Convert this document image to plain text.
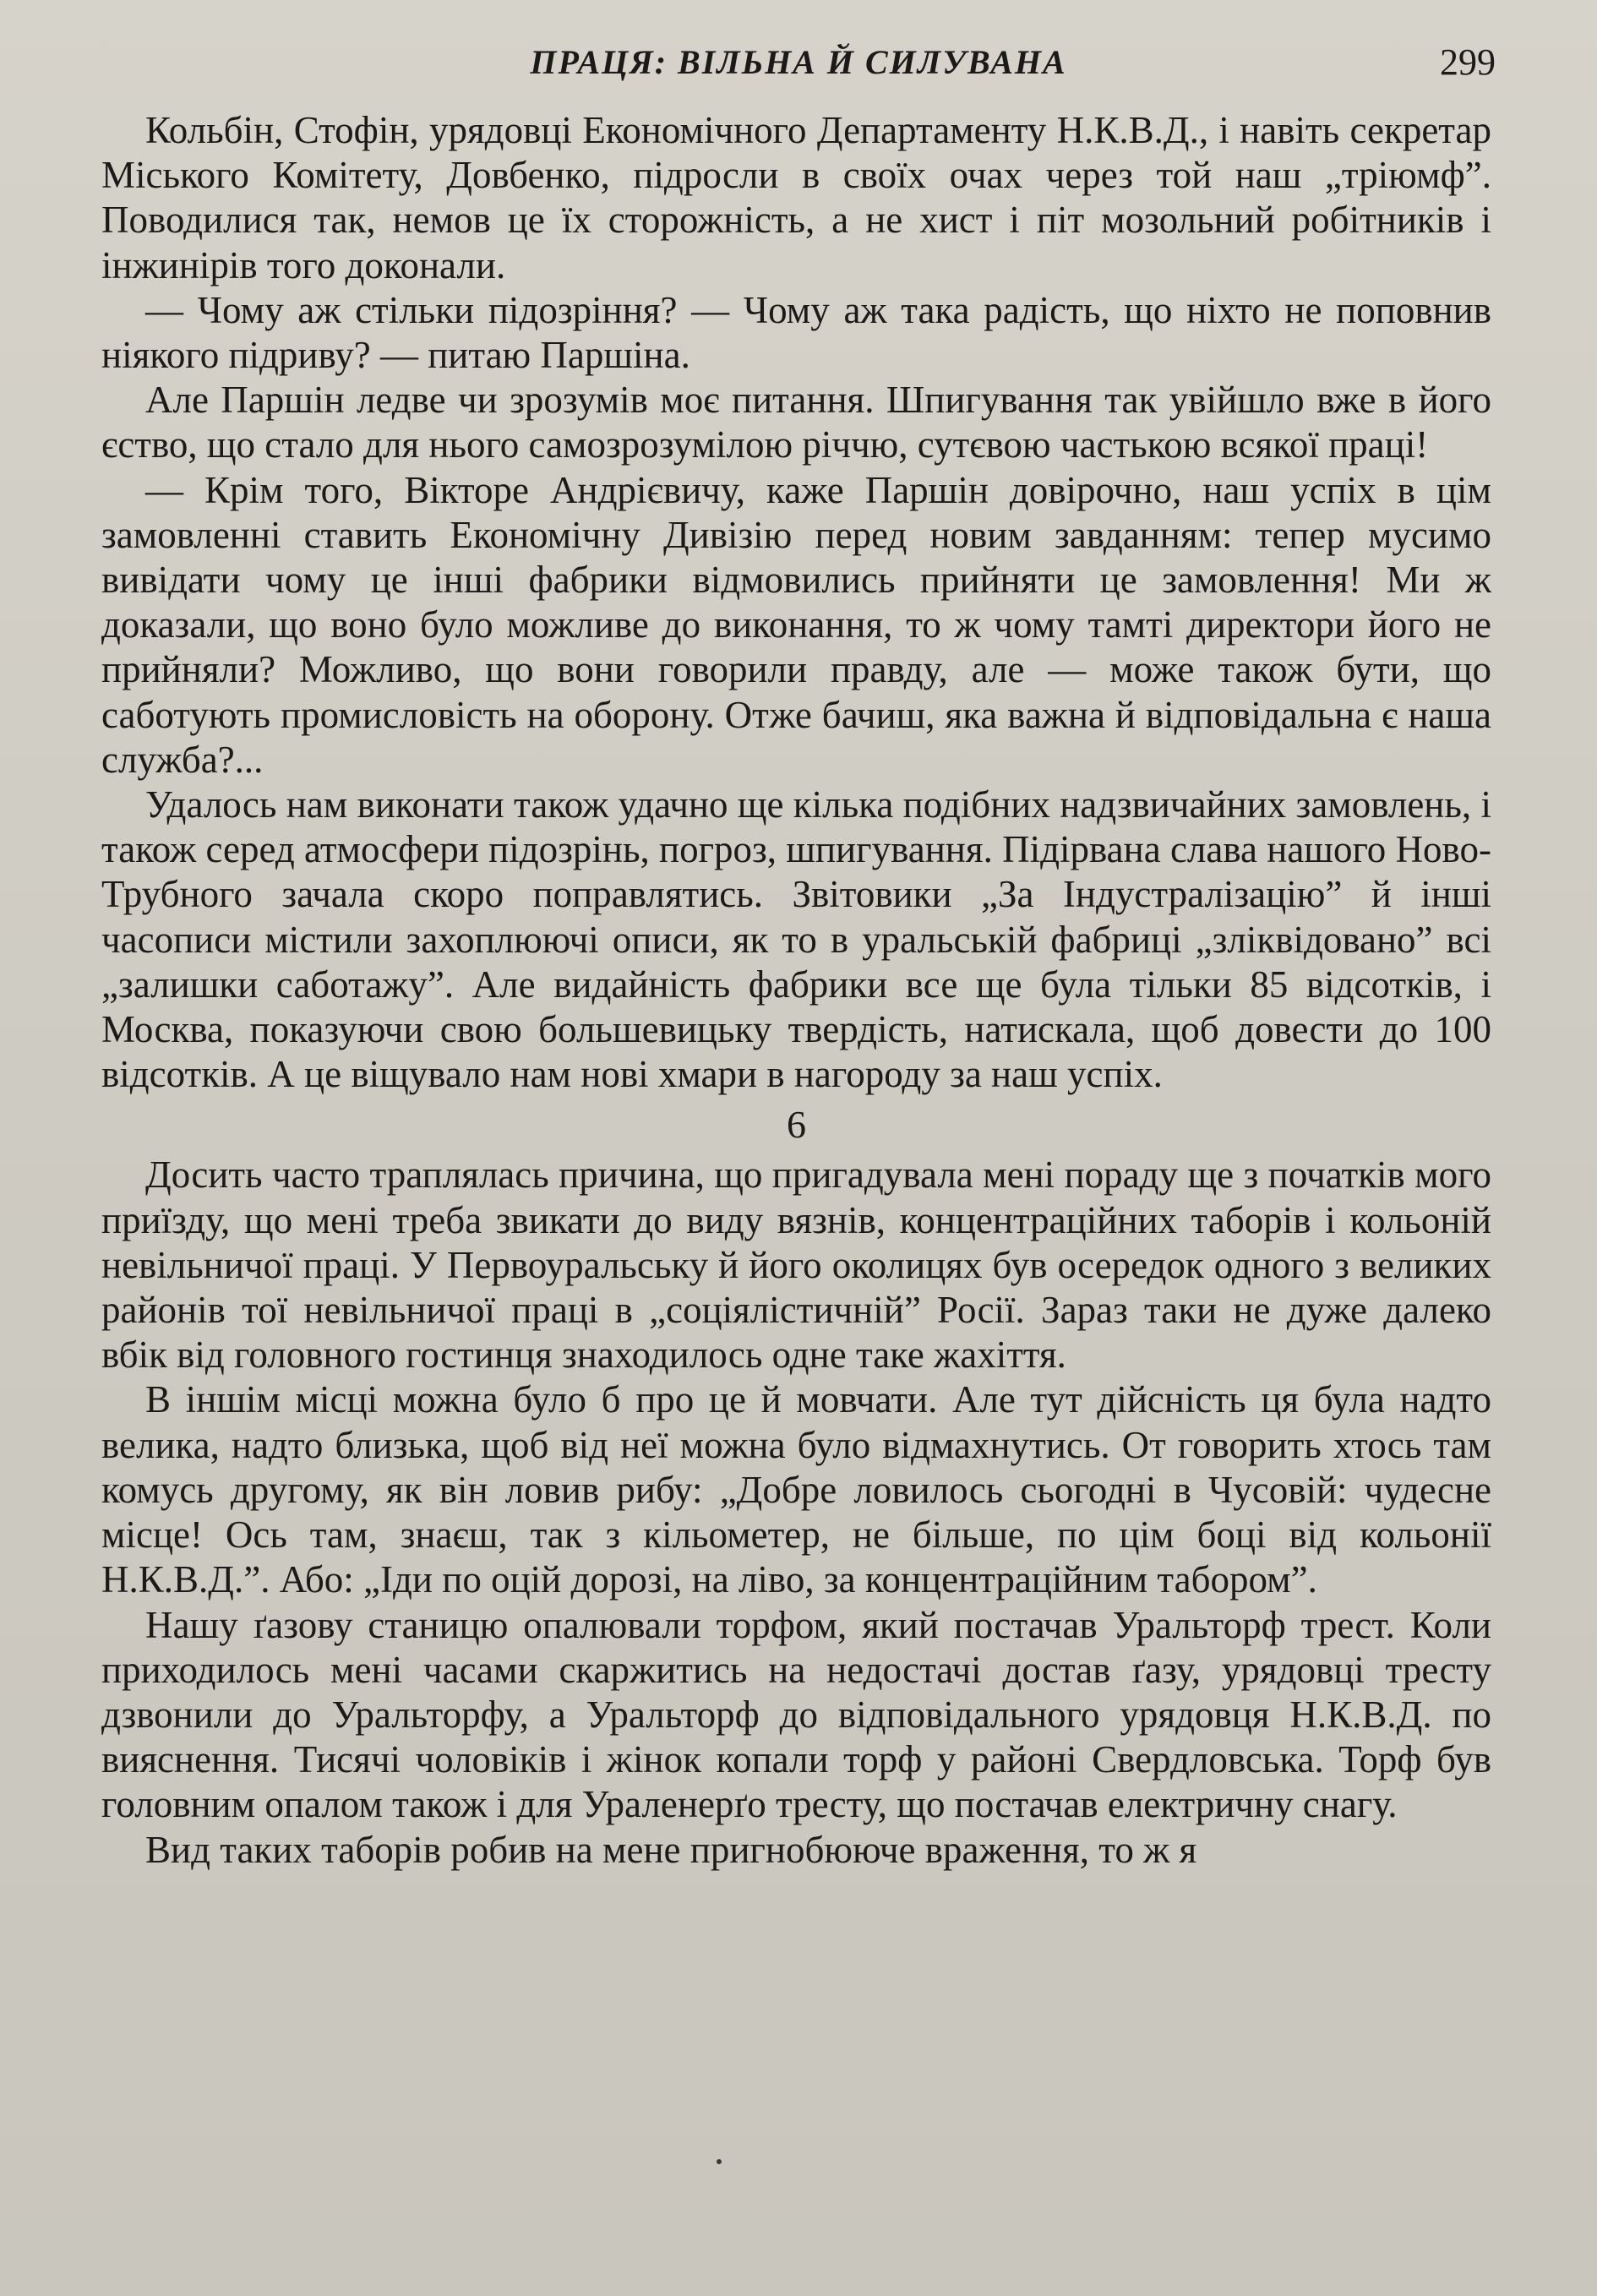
ПРАЦЯ: ВІЛЬНА Й СИЛУВАНА	299

Кольбін, Стофін, урядовці Економічного Департаменту Н.К.В.Д., і навіть секретар Міського Комітету, Довбенко, підросли в своїх очах через той наш „тріюмф”. Поводилися так, немов це їх сторожність, а не хист і піт мозольний робітників і інжинірів того доконали.

— Чому аж стільки підозріння? — Чому аж така радість, що ніхто не поповнив ніякого підриву? — питаю Паршіна.

Але Паршін ледве чи зрозумів моє питання. Шпигування так увійшло вже в його єство, що стало для нього самозрозумілою річчю, сутєвою частькою всякої праці!

— Крім того, Вікторе Андрієвичу, каже Паршін довірочно, наш успіх в цім замовленні ставить Економічну Дивізію перед новим завданням: тепер мусимо вивідати чому це інші фабрики відмовились прийняти це замовлення! Ми ж доказали, що воно було можливе до виконання, то ж чому тамті директори його не прийняли? Можливо, що вони говорили правду, але — може також бути, що саботують промисловість на оборону. Отже бачиш, яка важна й відповідальна є наша служба?...

Удалось нам виконати також удачно ще кілька подібних надзвичайних замовлень, і також серед атмосфери підозрінь, погроз, шпигування. Підірвана слава нашого Ново-Трубного зачала скоро поправлятись. Звітовики „За Індустралізацію” й інші часописи містили захоплюючі описи, як то в уральській фабриці „зліквідовано” всі „залишки саботажу”. Але видайність фабрики все ще була тільки 85 відсотків, і Москва, показуючи свою большевицьку твердість, натискала, щоб довести до 100 відсотків. А це віщувало нам нові хмари в нагороду за наш успіх.

6

Досить часто траплялась причина, що пригадувала мені пораду ще з початків мого приїзду, що мені треба звикати до виду вязнів, концентраційних таборів і кольоній невільничої праці. У Первоуральську й його околицях був осередок одного з великих районів тої невільничої праці в „соціялістичній” Росії. Зараз таки не дуже далеко вбік від головного гостинця знаходилось одне таке жахіття.

В іншім місці можна було б про це й мовчати. Але тут дійсність ця була надто велика, надто близька, щоб від неї можна було відмахнутись. От говорить хтось там комусь другому, як він ловив рибу: „Добре ловилось сьогодні в Чусовій: чудесне місце! Ось там, знаєш, так з кільометер, не більше, по цім боці від кольонії Н.К.В.Д.”. Або: „Іди по оцій дорозі, на ліво, за концентраційним табором”.

Нашу ґазову станицю опалювали торфом, який постачав Уральторф трест. Коли приходилось мені часами скаржитись на недостачі достав ґазу, урядовці тресту дзвонили до Уральторфу, а Уральторф до відповідального урядовця Н.К.В.Д. по вияснення. Тисячі чоловіків і жінок копали торф у районі Свердловська. Торф був головним опалом також і для Ураленерґо тресту, що постачав електричну снагу.

Вид таких таборів робив на мене пригнобюючe враження, то ж я
